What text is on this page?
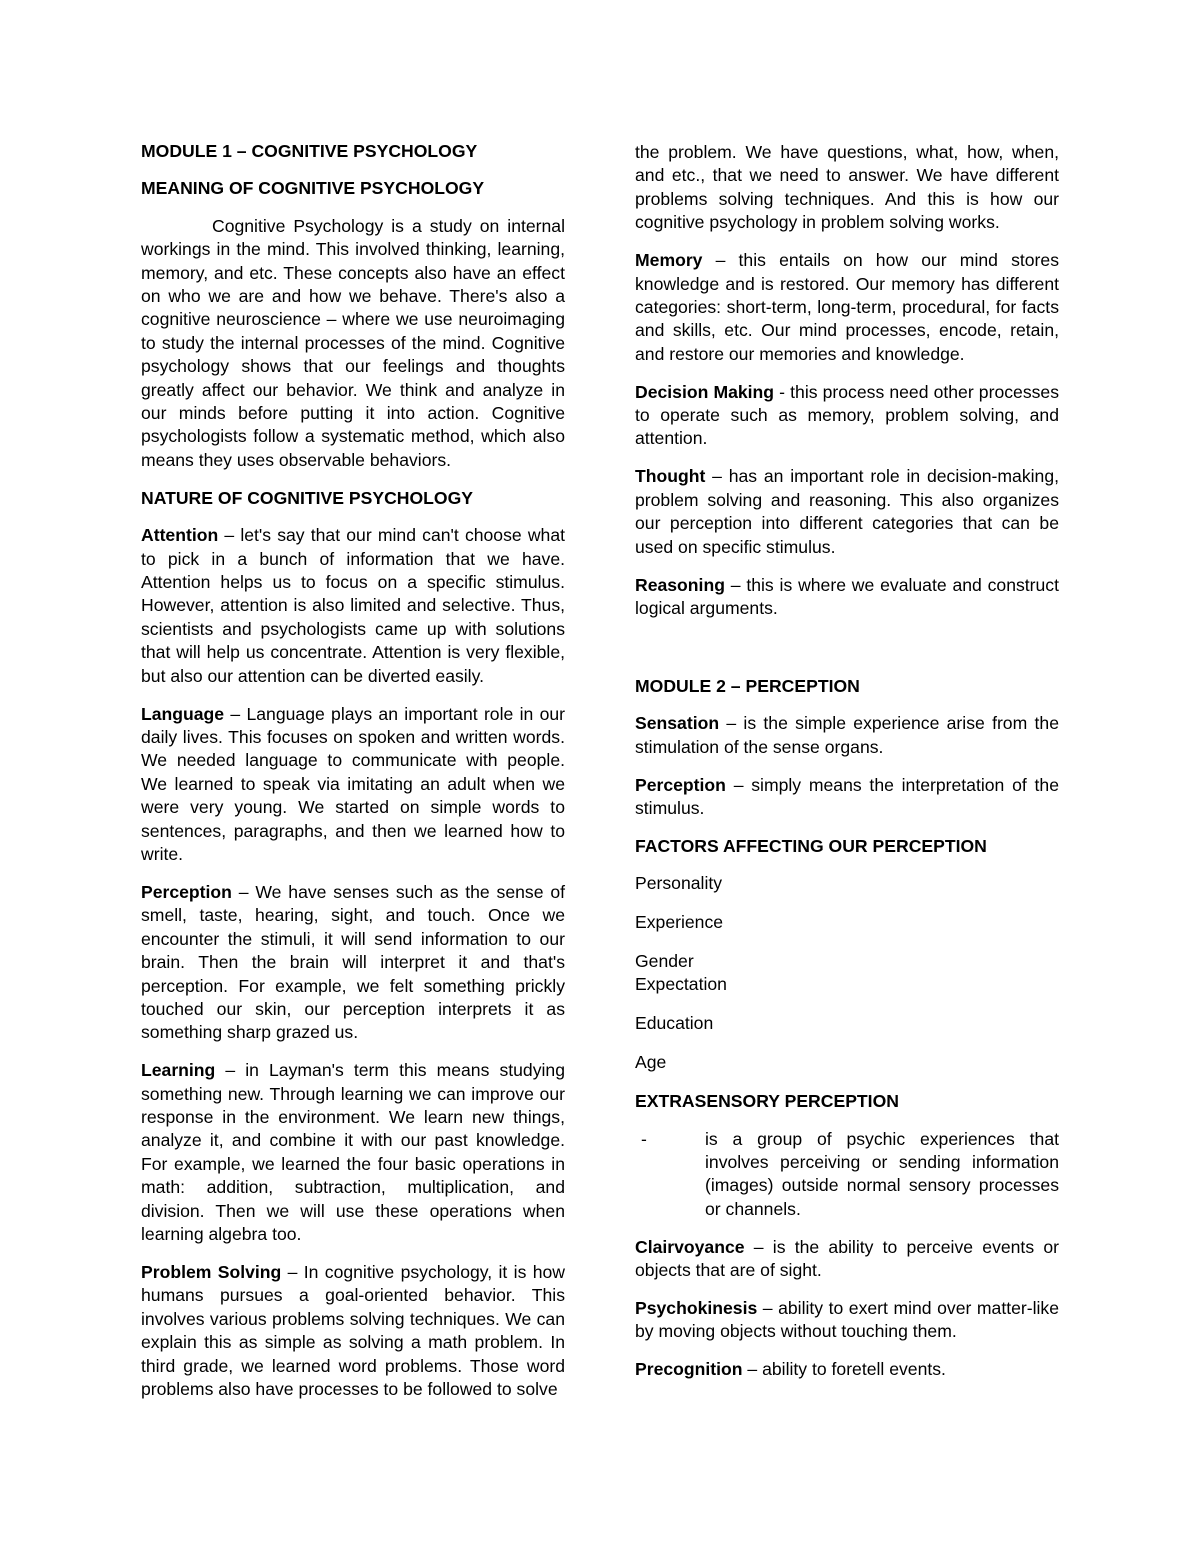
MODULE 1 – COGNITIVE PSYCHOLOGY
MEANING OF COGNITIVE PSYCHOLOGY

Cognitive Psychology is a study on internal workings in the mind. This involved thinking, learning, memory, and etc. These concepts also have an effect on who we are and how we behave. There's also a cognitive neuroscience – where we use neuroimaging to study the internal processes of the mind. Cognitive psychology shows that our feelings and thoughts greatly affect our behavior. We think and analyze in our minds before putting it into action. Cognitive psychologists follow a systematic method, which also means they uses observable behaviors.

NATURE OF COGNITIVE PSYCHOLOGY

Attention – let's say that our mind can't choose what to pick in a bunch of information that we have. Attention helps us to focus on a specific stimulus. However, attention is also limited and selective. Thus, scientists and psychologists came up with solutions that will help us concentrate. Attention is very flexible, but also our attention can be diverted easily.

Language – Language plays an important role in our daily lives. This focuses on spoken and written words. We needed language to communicate with people. We learned to speak via imitating an adult when we were very young. We started on simple words to sentences, paragraphs, and then we learned how to write.

Perception – We have senses such as the sense of smell, taste, hearing, sight, and touch. Once we encounter the stimuli, it will send information to our brain. Then the brain will interpret it and that's perception. For example, we felt something prickly touched our skin, our perception interprets it as something sharp grazed us.

Learning – in Layman's term this means studying something new. Through learning we can improve our response in the environment. We learn new things, analyze it, and combine it with our past knowledge. For example, we learned the four basic operations in math: addition, subtraction, multiplication, and division. Then we will use these operations when learning algebra too.

Problem Solving – In cognitive psychology, it is how humans pursues a goal-oriented behavior. This involves various problems solving techniques. We can explain this as simple as solving a math problem. In third grade, we learned word problems. Those word problems also have processes to be followed to solve

the problem. We have questions, what, how, when, and etc., that we need to answer. We have different problems solving techniques. And this is how our cognitive psychology in problem solving works.

Memory – this entails on how our mind stores knowledge and is restored. Our memory has different categories: short-term, long-term, procedural, for facts and skills, etc. Our mind processes, encode, retain, and restore our memories and knowledge.

Decision Making - this process need other processes to operate such as memory, problem solving, and attention.

Thought – has an important role in decision-making, problem solving and reasoning. This also organizes our perception into different categories that can be used on specific stimulus.

Reasoning – this is where we evaluate and construct logical arguments.

MODULE 2 – PERCEPTION

Sensation – is the simple experience arise from the stimulation of the sense organs.

Perception – simply means the interpretation of the stimulus.

FACTORS AFFECTING OUR PERCEPTION

Personality

Experience

Gender

Expectation

Education

Age

EXTRASENSORY PERCEPTION
-	is a group of psychic experiences that involves perceiving or sending information (images) outside normal sensory processes or channels.

Clairvoyance – is the ability to perceive events or objects that are of sight.

Psychokinesis – ability to exert mind over matter-like by moving objects without touching them.

Precognition – ability to foretell events.
